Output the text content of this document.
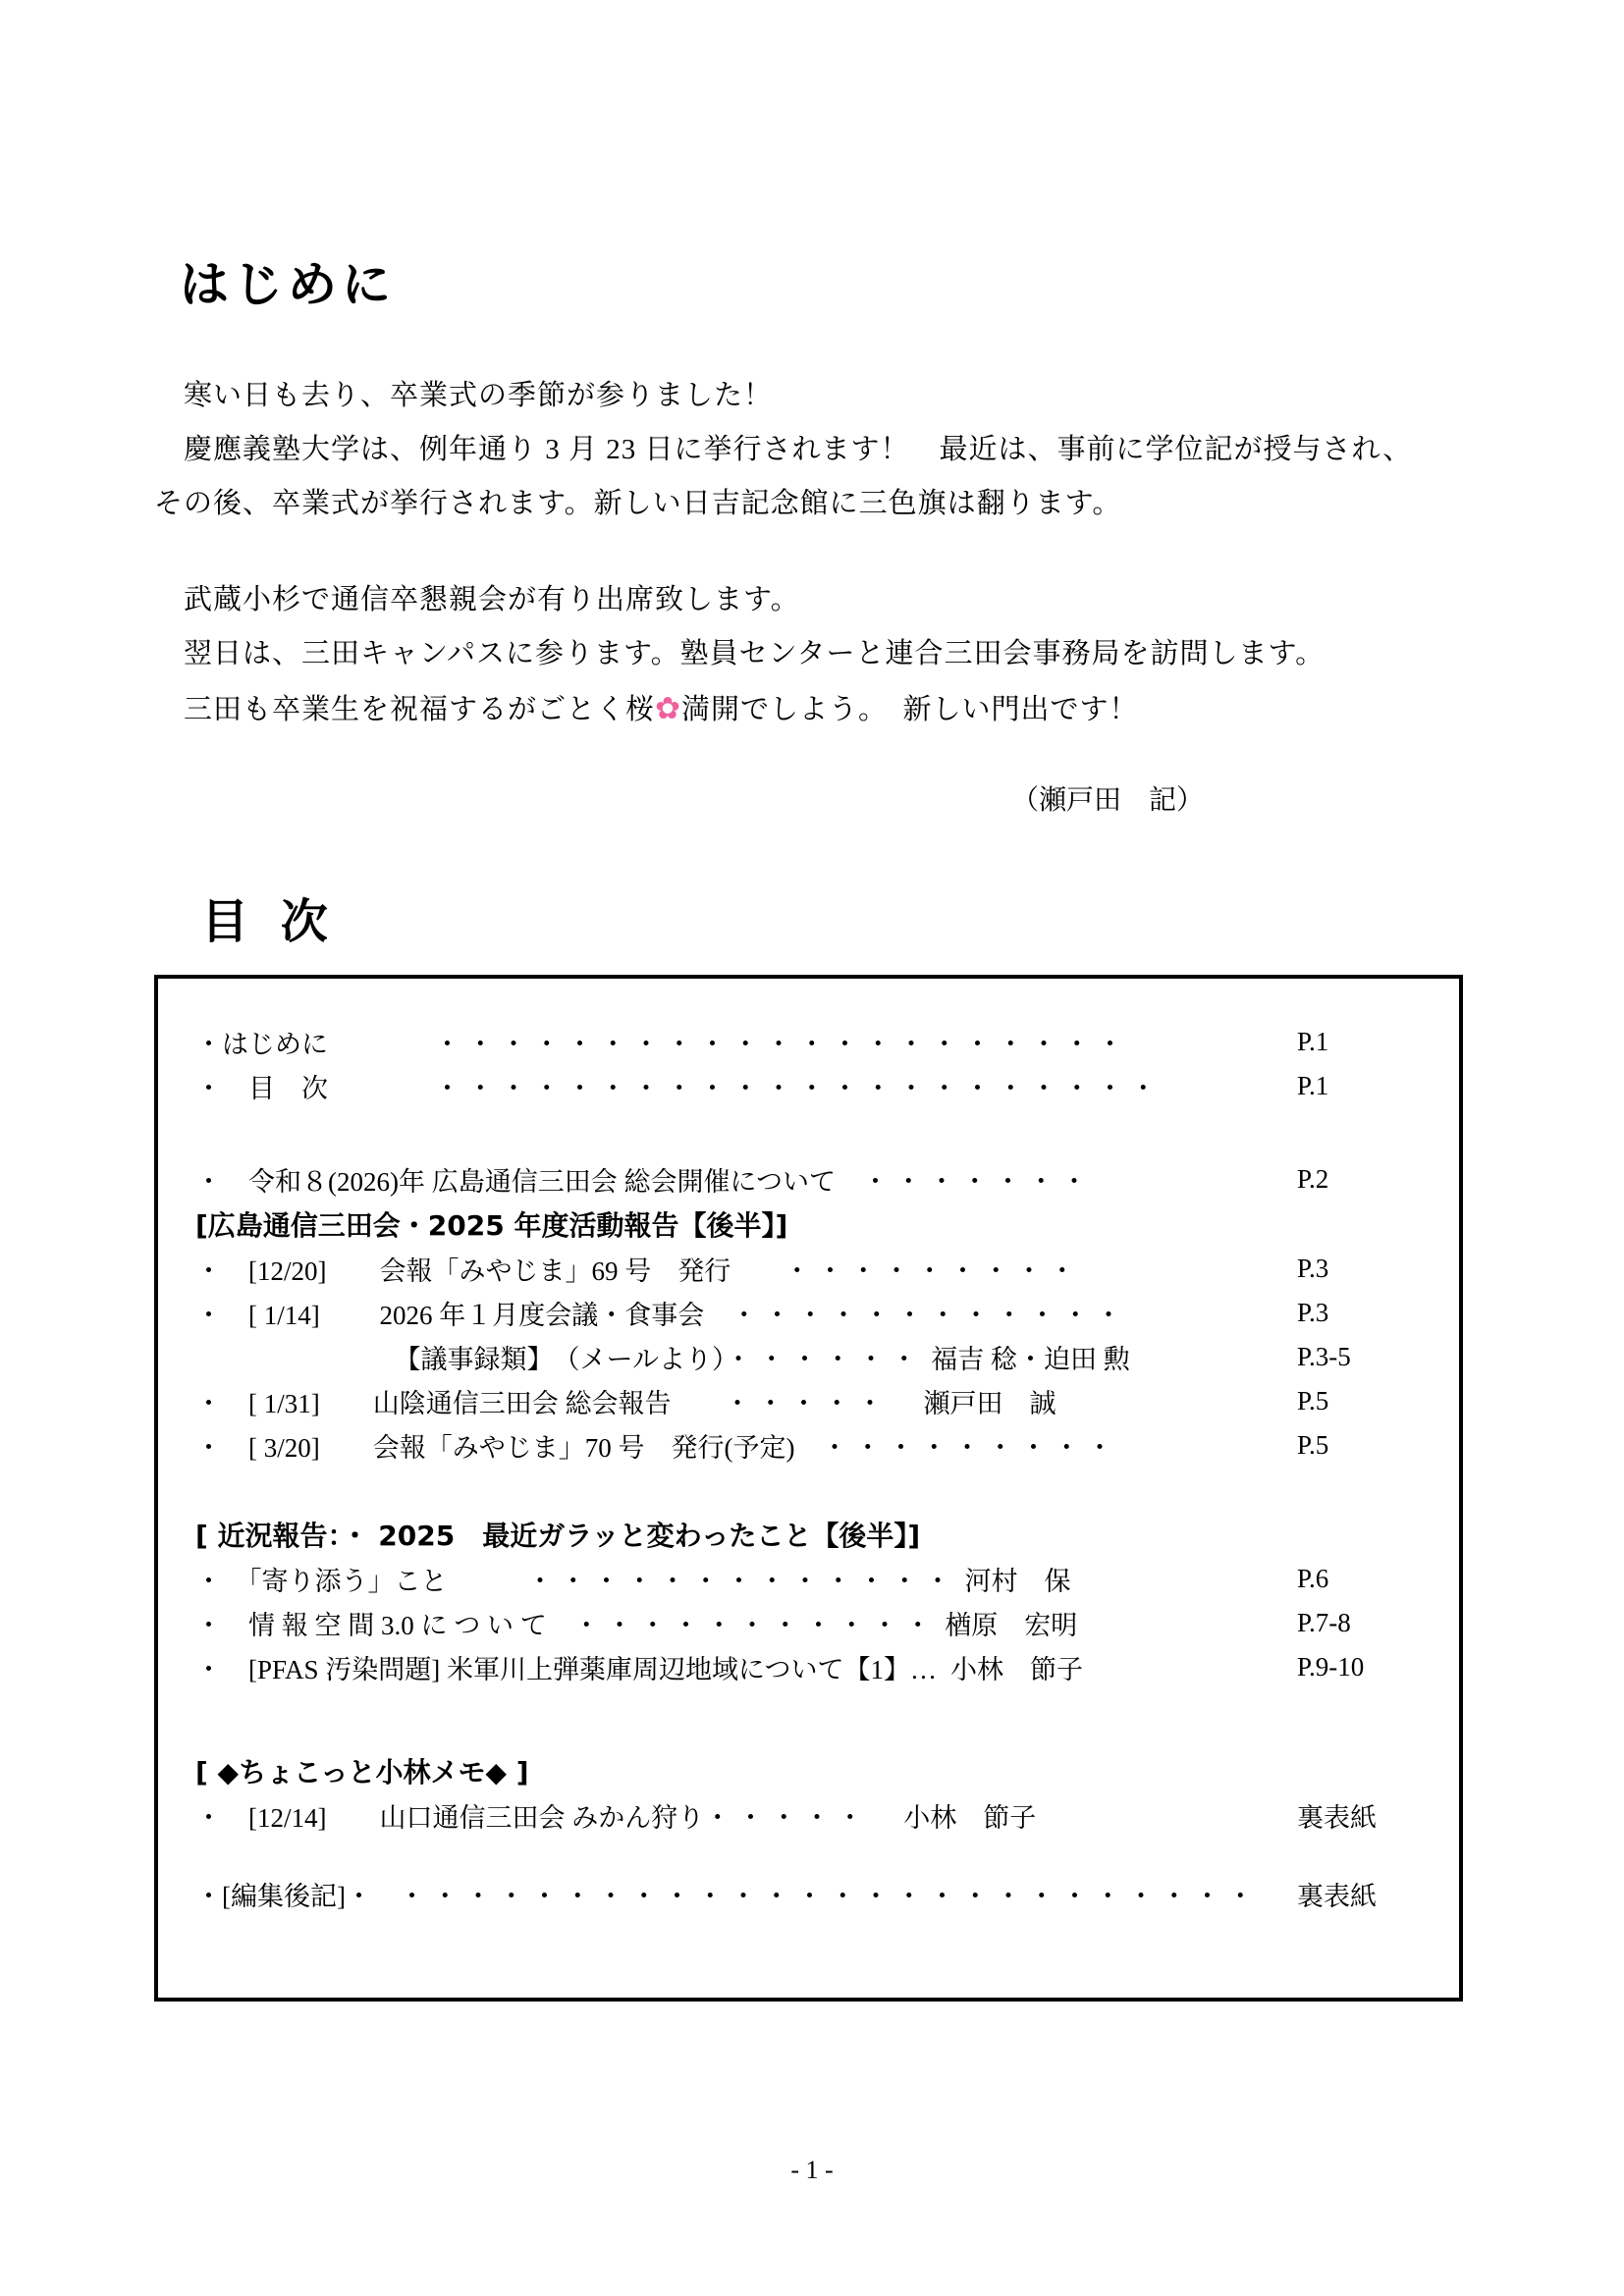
はじめに
寒い日も去り、卒業式の季節が参りました！
慶應義塾大学は、例年通り 3 月 23 日に挙行されます！　最近は、事前に学位記が授与され、
その後、卒業式が挙行されます。新しい日吉記念館に三色旗は翻ります。
武蔵小杉で通信卒懇親会が有り出席致します。
翌日は、三田キャンパスに参ります。塾員センターと連合三田会事務局を訪問します。
三田も卒業生を祝福するがごとく桜✿満開でしよう。　新しい門出です！
（瀬戸田　記）
目 次
・はじめに　　　　・ ・ ・ ・ ・ ・ ・ ・ ・ ・ ・ ・ ・ ・ ・ ・ ・ ・ ・ ・ ・	P.1
・　目　次　　　　・ ・ ・ ・ ・ ・ ・ ・ ・ ・ ・ ・ ・ ・ ・ ・ ・ ・ ・ ・ ・ ・	P.1
・　令和８(2026)年 広島通信三田会 総会開催について　・ ・ ・ ・ ・ ・ ・	P.2
[広島通信三田会・2025 年度活動報告【後半】]
・　[12/20]　　会報「みやじま」69 号　発行　　・ ・ ・ ・ ・ ・ ・ ・ ・	P.3
・　[ 1/14]　　 2026 年１月度会議・食事会　・ ・ ・ ・ ・ ・ ・ ・ ・ ・ ・ ・	P.3
　　　　　　　　【議事録類】　（メールより）・ ・ ・ ・ ・ ・ 福吉 稔・迫田 勲	P.3-5
・　[ 1/31]　　山陰通信三田会 総会報告　　・ ・ ・ ・ ・　瀬戸田　誠	P.5
・　[ 3/20]　　会報「みやじま」70 号　発行(予定)　・ ・ ・ ・ ・ ・ ・ ・ ・	P.5
[ 近況報告：・ 2025　最近ガラッと変わったこと【後半】]
・　「寄り添う」こと　　　・ ・ ・ ・ ・ ・ ・ ・ ・ ・ ・ ・ ・ 河村　保	P.6
・　情 報 空 間 3.0 に つ い て　・ ・ ・ ・ ・ ・ ・ ・ ・ ・ ・ 楢原　宏明	P.7-8
・　[PFAS 汚染問題] 米軍川上弾薬庫周辺地域について【1】… 小林　節子	P.9-10
[ ◆ちょこっと小林メモ◆ ]
・　[12/14]　　山口通信三田会 みかん狩り・ ・ ・ ・ ・　小林　節子	裏表紙
・[編集後記]・　・ ・ ・ ・ ・ ・ ・ ・ ・ ・ ・ ・ ・ ・ ・ ・ ・ ・ ・ ・ ・ ・ ・ ・ ・ ・	裏表紙
- 1 -
